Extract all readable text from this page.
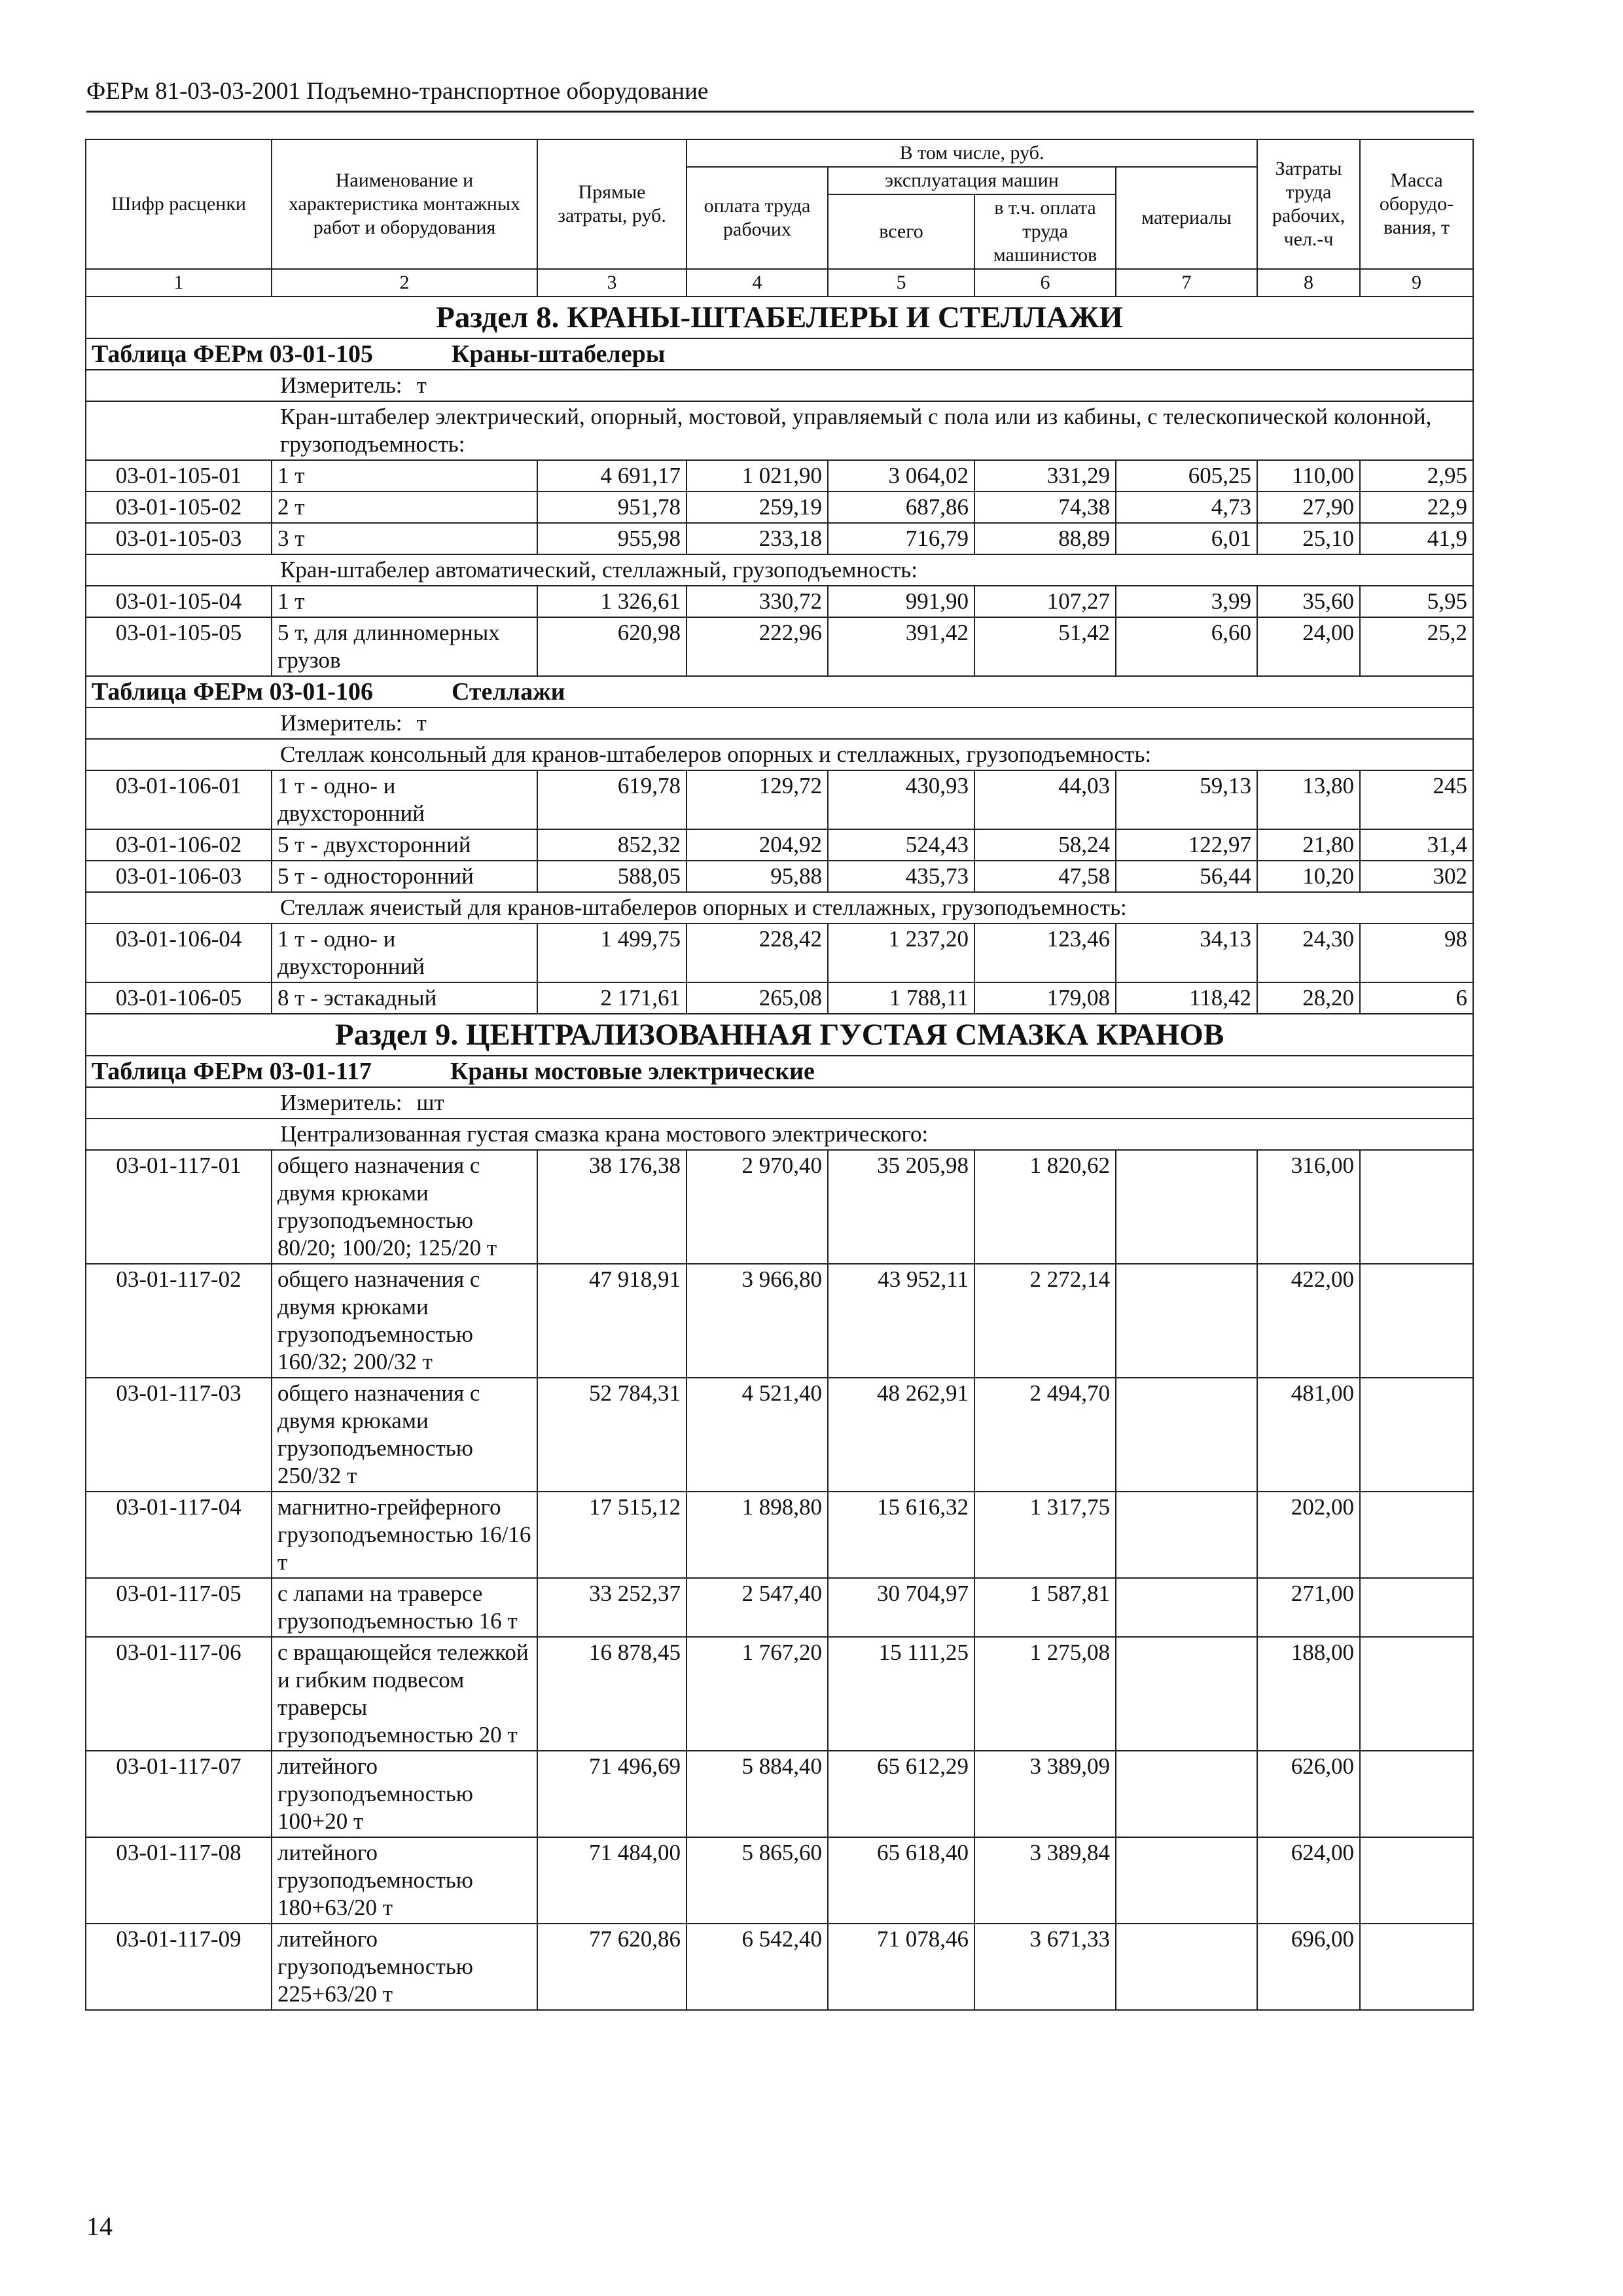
ФЕРм 81-03-03-2001 Подъемно-транспортное оборудование
Шифр расценки	Наименование и характеристика монтажных работ и оборудования	Прямые затраты, руб.	В том числе, руб.				Затраты труда рабочих, чел.-ч	Масса оборудо-вания, т
			оплата труда рабочих	эксплуатация машин		материалы		
				всего	в т.ч. оплата труда машинистов			
1	2	3	4	5	6	7	8	9
Раздел 8. КРАНЫ-ШТАБЕЛЕРЫ И СТЕЛЛАЖИ								
Таблица ФЕРм 03-01-105 Краны-штабелеры								
Измеритель: т								
Кран-штабелер электрический, опорный, мостовой, управляемый с пола или из кабины, с телескопической колонной, грузоподъемность:								
03-01-105-01	1 т	4 691,17	1 021,90	3 064,02	331,29	605,25	110,00	2,95
03-01-105-02	2 т	951,78	259,19	687,86	74,38	4,73	27,90	22,9
03-01-105-03	3 т	955,98	233,18	716,79	88,89	6,01	25,10	41,9
Кран-штабелер автоматический, стеллажный, грузоподъемность:								
03-01-105-04	1 т	1 326,61	330,72	991,90	107,27	3,99	35,60	5,95
03-01-105-05	5 т, для длинномерных грузов	620,98	222,96	391,42	51,42	6,60	24,00	25,2
Таблица ФЕРм 03-01-106 Стеллажи								
Измеритель: т								
Стеллаж консольный для кранов-штабелеров опорных и стеллажных, грузоподъемность:								
03-01-106-01	1 т - одно- и двухсторонний	619,78	129,72	430,93	44,03	59,13	13,80	245
03-01-106-02	5 т - двухсторонний	852,32	204,92	524,43	58,24	122,97	21,80	31,4
03-01-106-03	5 т - односторонний	588,05	95,88	435,73	47,58	56,44	10,20	302
Стеллаж ячеистый для кранов-штабелеров опорных и стеллажных, грузоподъемность:								
03-01-106-04	1 т - одно- и двухсторонний	1 499,75	228,42	1 237,20	123,46	34,13	24,30	98
03-01-106-05	8 т - эстакадный	2 171,61	265,08	1 788,11	179,08	118,42	28,20	6
Раздел 9. ЦЕНТРАЛИЗОВАННАЯ ГУСТАЯ СМАЗКА КРАНОВ								
Таблица ФЕРм 03-01-117 Краны мостовые электрические								
Измеритель: шт								
Централизованная густая смазка крана мостового электрического:								
03-01-117-01	общего назначения с двумя крюками грузоподъемностью 80/20; 100/20; 125/20 т	38 176,38	2 970,40	35 205,98	1 820,62		316,00	
03-01-117-02	общего назначения с двумя крюками грузоподъемностью 160/32; 200/32 т	47 918,91	3 966,80	43 952,11	2 272,14		422,00	
03-01-117-03	общего назначения с двумя крюками грузоподъемностью 250/32 т	52 784,31	4 521,40	48 262,91	2 494,70		481,00	
03-01-117-04	магнитно-грейферного грузоподъемностью 16/16 т	17 515,12	1 898,80	15 616,32	1 317,75		202,00	
03-01-117-05	с лапами на траверсе грузоподъемностью 16 т	33 252,37	2 547,40	30 704,97	1 587,81		271,00	
03-01-117-06	с вращающейся тележкой и гибким подвесом траверсы грузоподъемностью 20 т	16 878,45	1 767,20	15 111,25	1 275,08		188,00	
03-01-117-07	литейного грузоподъемностью 100+20 т	71 496,69	5 884,40	65 612,29	3 389,09		626,00	
03-01-117-08	литейного грузоподъемностью 180+63/20 т	71 484,00	5 865,60	65 618,40	3 389,84		624,00	
03-01-117-09	литейного грузоподъемностью 225+63/20 т	77 620,86	6 542,40	71 078,46	3 671,33		696,00	
14
